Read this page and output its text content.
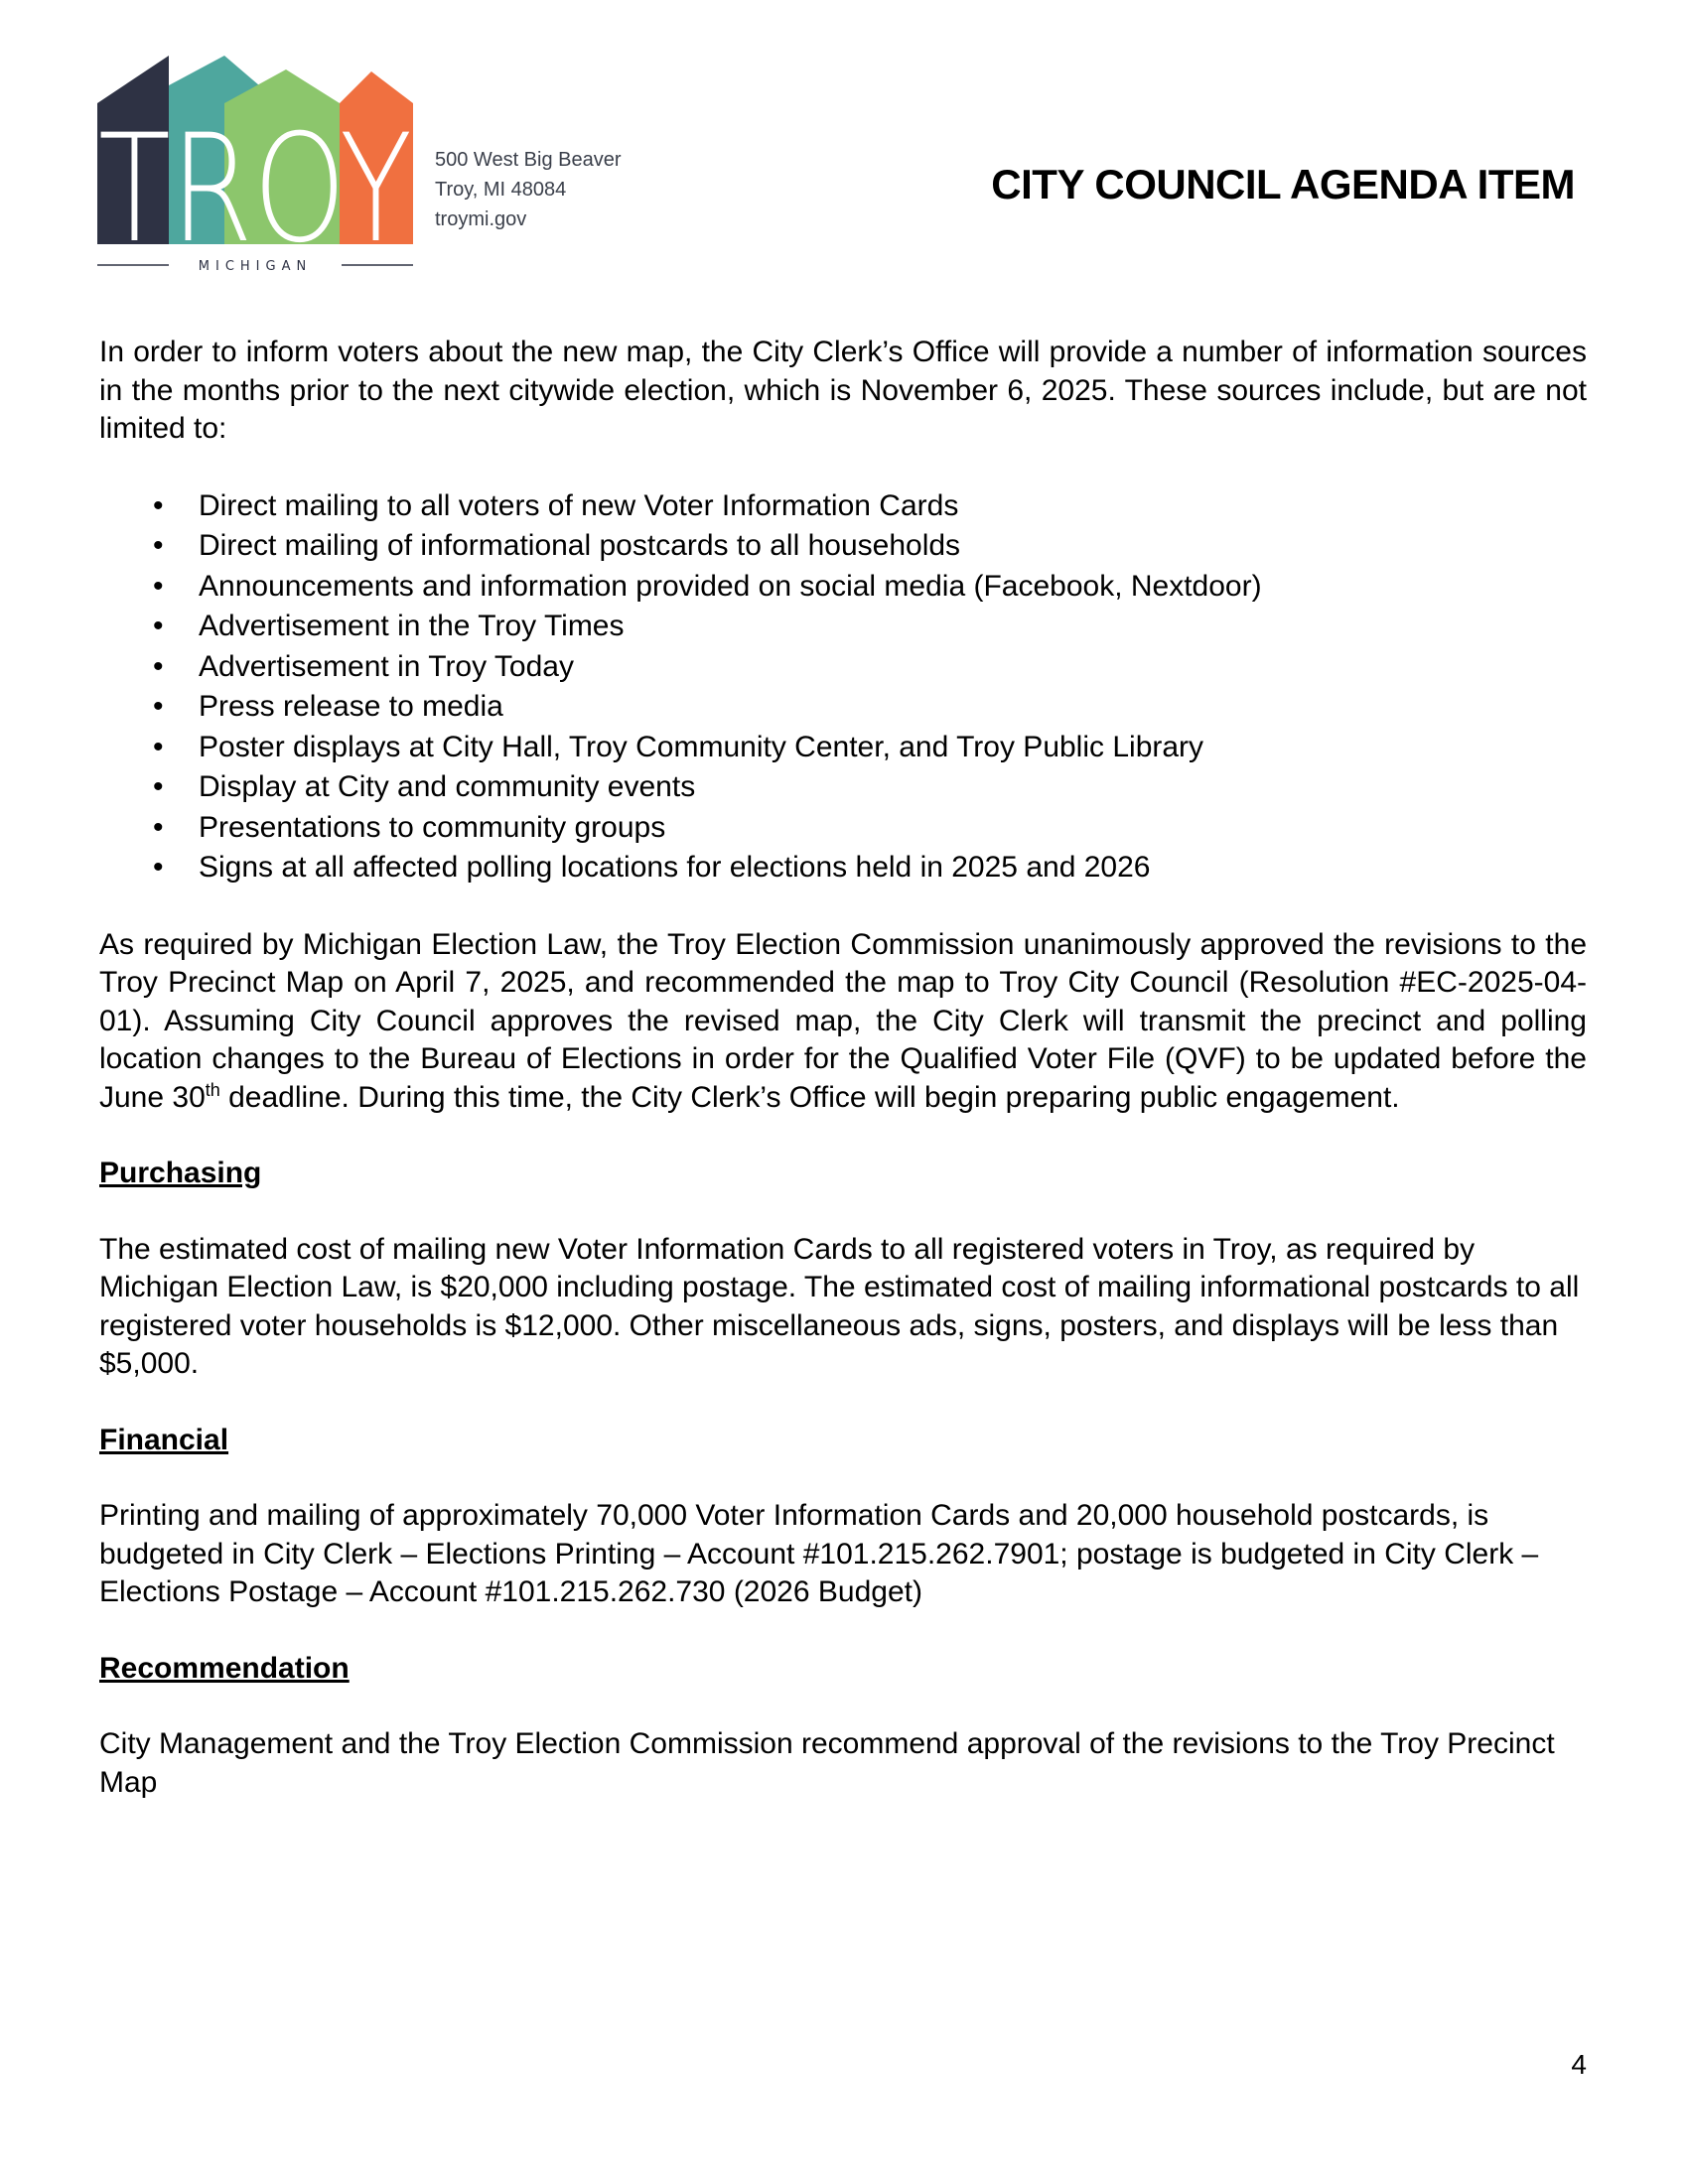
TROY
MICHIGAN
500 West Big Beaver
Troy, MI 48084
troymi.gov
CITY COUNCIL AGENDA ITEM

In order to inform voters about the new map, the City Clerk’s Office will provide a number of information sources in the months prior to the next citywide election, which is November 6, 2025. These sources include, but are not limited to:

• Direct mailing to all voters of new Voter Information Cards
• Direct mailing of informational postcards to all households
• Announcements and information provided on social media (Facebook, Nextdoor)
• Advertisement in the Troy Times
• Advertisement in Troy Today
• Press release to media
• Poster displays at City Hall, Troy Community Center, and Troy Public Library
• Display at City and community events
• Presentations to community groups
• Signs at all affected polling locations for elections held in 2025 and 2026

As required by Michigan Election Law, the Troy Election Commission unanimously approved the revisions to the Troy Precinct Map on April 7, 2025, and recommended the map to Troy City Council (Resolution #EC-2025-04-01). Assuming City Council approves the revised map, the City Clerk will transmit the precinct and polling location changes to the Bureau of Elections in order for the Qualified Voter File (QVF) to be updated before the June 30th deadline. During this time, the City Clerk’s Office will begin preparing public engagement.

Purchasing

The estimated cost of mailing new Voter Information Cards to all registered voters in Troy, as required by Michigan Election Law, is $20,000 including postage. The estimated cost of mailing informational postcards to all registered voter households is $12,000. Other miscellaneous ads, signs, posters, and displays will be less than $5,000.

Financial

Printing and mailing of approximately 70,000 Voter Information Cards and 20,000 household postcards, is budgeted in City Clerk – Elections Printing – Account #101.215.262.7901; postage is budgeted in City Clerk – Elections Postage – Account #101.215.262.730 (2026 Budget)

Recommendation

City Management and the Troy Election Commission recommend approval of the revisions to the Troy Precinct Map

4
